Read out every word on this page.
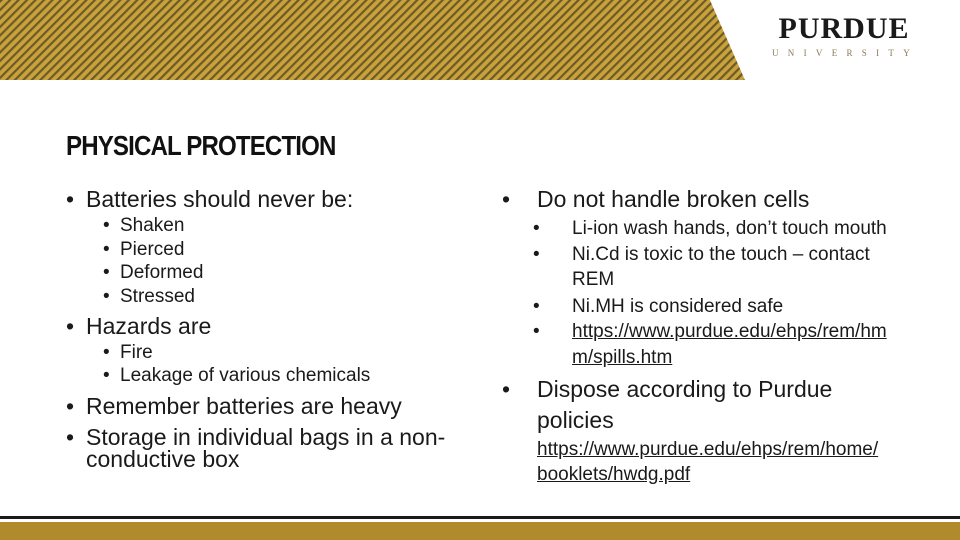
PURDUE
UNIVERSITY
PHYSICAL PROTECTION
• Batteries should never be:
• Shaken
• Pierced
• Deformed
• Stressed
• Hazards are
• Fire
• Leakage of various chemicals
• Remember batteries are heavy
• Storage in individual bags in a non-
conductive box
• Do not handle broken cells
• Li-ion wash hands, don’t touch mouth
• Ni.Cd is toxic to the touch – contact
REM
• Ni.MH is considered safe
• https://www.purdue.edu/ehps/rem/hm
m/spills.htm
• Dispose according to Purdue
policies
https://www.purdue.edu/ehps/rem/home/
booklets/hwdg.pdf
